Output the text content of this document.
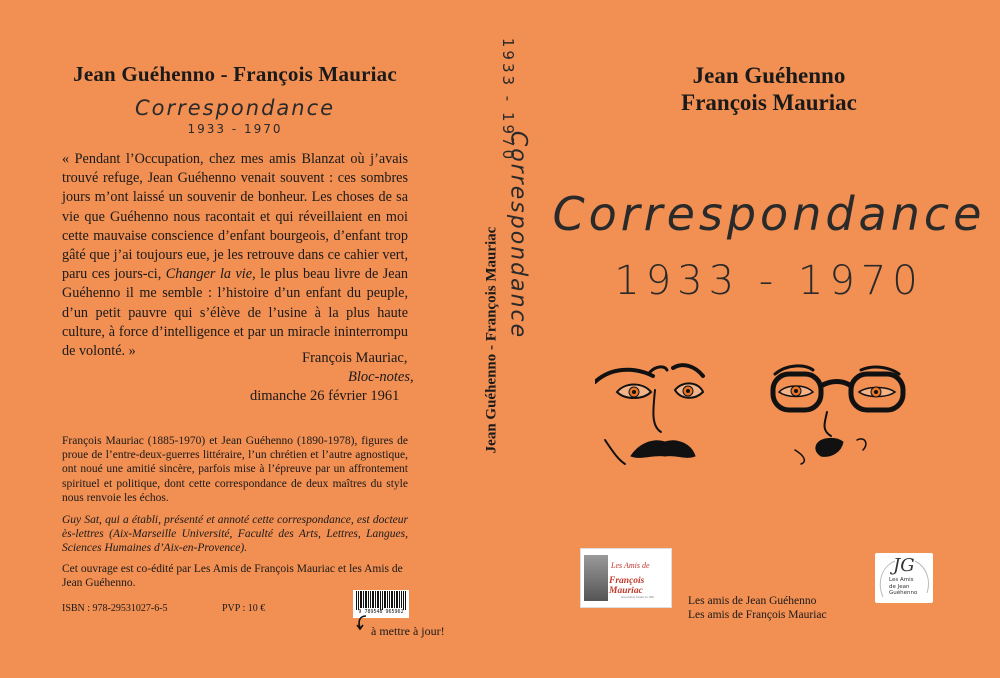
Jean Guéhenno - François Mauriac
Correspondance
1933 - 1970
« Pendant l’Occupation, chez mes amis Blanzat où j’avais trouvé refuge, Jean Guéhenno venait souvent : ces sombres jours m’ont laissé un souvenir de bonheur. Les choses de sa vie que Guéhenno nous racontait et qui réveillaient en moi cette mauvaise conscience d’enfant bourgeois, d’enfant trop gâté que j’ai toujours eue, je les retrouve dans ce cahier vert, paru ces jours-ci, Changer la vie, le plus beau livre de Jean Guéhenno il me semble : l’histoire d’un enfant du peuple, d’un petit pauvre qui s’élève de l’usine à la plus haute culture, à force d’intelligence et par un miracle ininterrompu de volonté. »	François Mauriac,
Bloc-notes,
dimanche 26 février 1961
François Mauriac (1885-1970) et Jean Guéhenno (1890-1978), figures de proue de l’entre-deux-guerres littéraire, l’un chrétien et l’autre agnostique, ont noué une amitié sincère, parfois mise à l’épreuve par un affrontement spirituel et politique, dont cette correspondance de deux maîtres du style nous renvoie les échos.
Guy Sat, qui a établi, présenté et annoté cette correspondance, est docteur ès-lettres (Aix-Marseille Université, Faculté des Arts, Lettres, Langues, Sciences Humaines d’Aix-en-Provence).
Cet ouvrage est co-édité par Les Amis de François Mauriac et les Amis de Jean Guéhenno.
ISBN : 978-29531027-6-5	PVP : 10 €	9 789548 965962
à mettre à jour!
Jean Guéhenno - François Mauriac Correspondance
1933 - 1970	Jean Guéhenno
François Mauriac
Correspondance
1933 - 1970
Les Amis de
François Mauriac
Association fondée en 1981	Les amis de Jean Guéhenno
Les amis de François Mauriac
JG
Les Amis
de Jean
Guéhenno
